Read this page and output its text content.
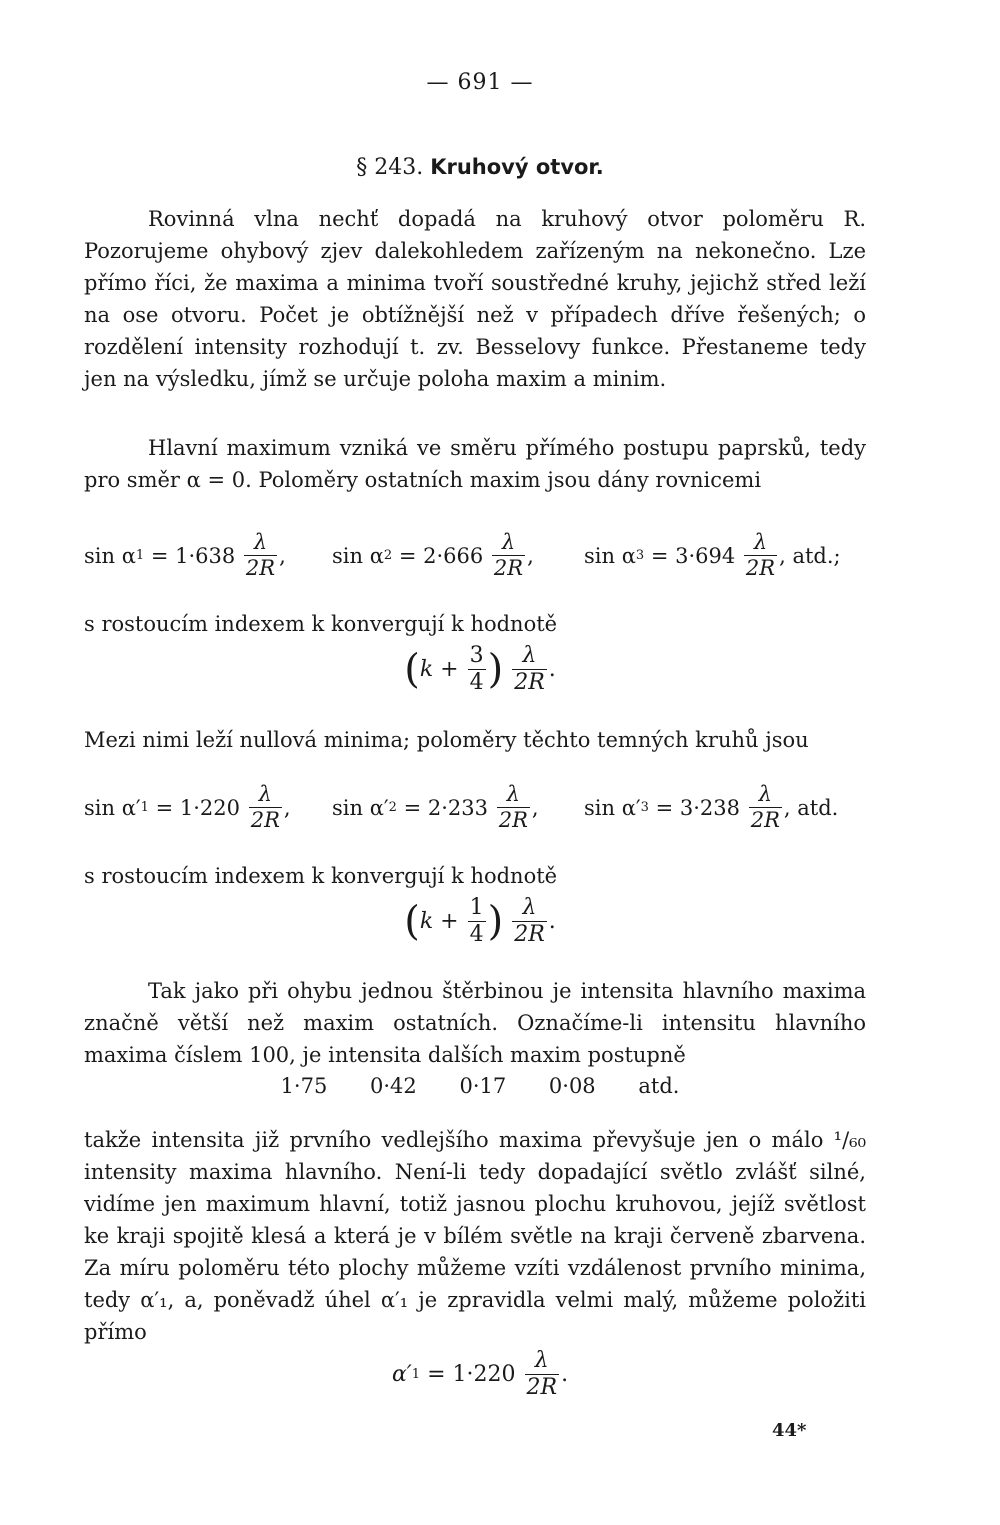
— 691 —
§ 243. Kruhový otvor.

Rovinná vlna nechť dopadá na kruhový otvor poloměru R. Pozorujeme ohybový zjev dalekohledem zařízeným na nekonečno. Lze přímo říci, že maxima a minima tvoří soustředné kruhy, jejichž střed leží na ose otvoru. Počet je obtížnější než v případech dříve řešených; o rozdělení intensity rozhodují t. zv. Besselovy funkce. Přestaneme tedy jen na výsledku, jímž se určuje poloha maxim a minim.

Hlavní maximum vzniká ve směru přímého postupu paprsků, tedy pro směr α = 0. Poloměry ostatních maxim jsou dány rovnicemi

$\sin \alpha 1 = 1\cdot 638 \frac{\lambda}{2R}$ , $\sin \alpha 2 = 2\cdot 666 \frac{\lambda}{2R}$ , $\sin \alpha 3 = 3\cdot 694 \frac{\lambda}{2R}$ , atd.;

s rostoucím indexem k konvergují k hodnotě

($k + \frac{3}{4}$ ) $\frac{\lambda}{2R}$ .

Mezi nimi leží nullová minima; poloměry těchto temných kruhů jsou

$\sin \alpha'1 = 1\cdot 220 \frac{\lambda}{2R}$ , $\sin \alpha'2 = 2\cdot 233 \frac{\lambda}{2R}$ , $\sin \alpha'3 = 3\cdot 238 \frac{\lambda}{2R}$ , atd.

s rostoucím indexem k konvergují k hodnotě

($k + \frac{1}{4}$ ) $\frac{\lambda}{2R}$ .

Tak jako při ohybu jednou štěrbinou je intensita hlavního maxima značně větší než maxim ostatních. Označíme-li intensitu hlavního maxima číslem 100, je intensita dalších maxim postupně

1·75 0·42 0·17 0·08 atd.

takže intensita již prvního vedlejšího maxima převyšuje jen o málo ¹/₆₀ intensity maxima hlavního. Není-li tedy dopadající světlo zvlášť silné, vidíme jen maximum hlavní, totiž jasnou plochu kruhovou, jejíž světlost ke kraji spojitě klesá a která je v bílém světle na kraji červeně zbarvena. Za míru poloměru této plochy můžeme vzíti vzdálenost prvního minima, tedy α′₁, a, poněvadž úhel α′₁ je zpravidla velmi malý, můžeme položiti přímo

$\alpha'1 = 1\cdot 220 \frac{\lambda}{2R}$ .
44*
